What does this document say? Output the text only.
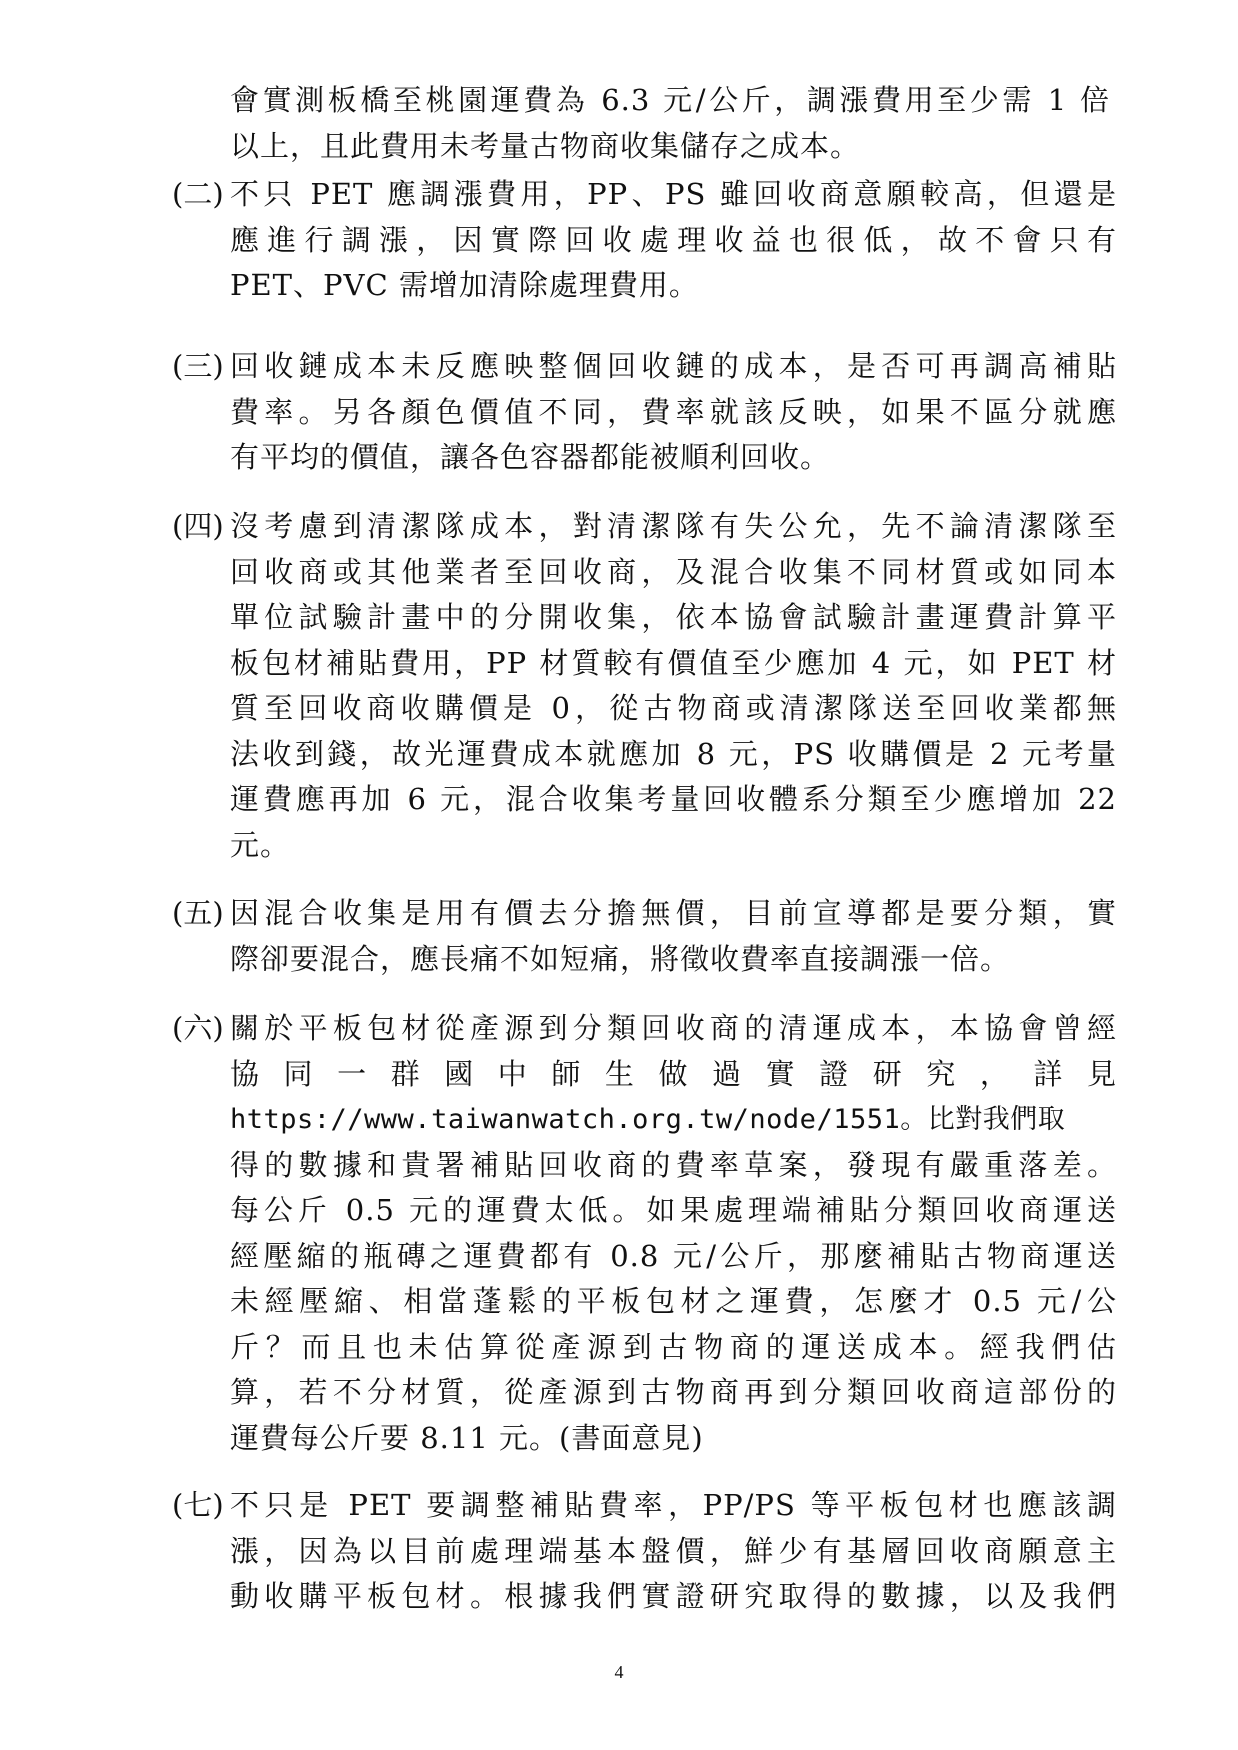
會實測板橋至桃園運費為 6.3 元/公斤，調漲費用至少需 1 倍
以上，且此費用未考量古物商收集儲存之成本。
(二) 不只 PET 應調漲費用，PP、PS 雖回收商意願較高，但還是
應進行調漲，因實際回收處理收益也很低，故不會只有
PET、PVC 需增加清除處理費用。
(三) 回收鏈成本未反應映整個回收鏈的成本，是否可再調高補貼
費率。另各顏色價值不同，費率就該反映，如果不區分就應
有平均的價值，讓各色容器都能被順利回收。
(四) 沒考慮到清潔隊成本，對清潔隊有失公允，先不論清潔隊至
回收商或其他業者至回收商，及混合收集不同材質或如同本
單位試驗計畫中的分開收集，依本協會試驗計畫運費計算平
板包材補貼費用，PP 材質較有價值至少應加 4 元，如 PET 材
質至回收商收購價是 0，從古物商或清潔隊送至回收業都無
法收到錢，故光運費成本就應加 8 元，PS 收購價是 2 元考量
運費應再加 6 元，混合收集考量回收體系分類至少應增加 22
元。
(五) 因混合收集是用有價去分擔無價，目前宣導都是要分類，實
際卻要混合，應長痛不如短痛，將徵收費率直接調漲一倍。
(六) 關於平板包材從產源到分類回收商的清運成本，本協會曾經
協 同 一 群 國 中 師 生 做 過 實 證 研 究 ， 詳 見
https://www.taiwanwatch.org.tw/node/1551。比對我們取
得的數據和貴署補貼回收商的費率草案，發現有嚴重落差。
每公斤 0.5 元的運費太低。如果處理端補貼分類回收商運送
經壓縮的瓶磚之運費都有 0.8 元/公斤，那麼補貼古物商運送
未經壓縮、相當蓬鬆的平板包材之運費，怎麼才 0.5 元/公
斤？而且也未估算從產源到古物商的運送成本。經我們估
算，若不分材質，從產源到古物商再到分類回收商這部份的
運費每公斤要 8.11 元。(書面意見)
(七) 不只是 PET 要調整補貼費率，PP/PS 等平板包材也應該調
漲，因為以目前處理端基本盤價，鮮少有基層回收商願意主
動收購平板包材。根據我們實證研究取得的數據，以及我們
4
